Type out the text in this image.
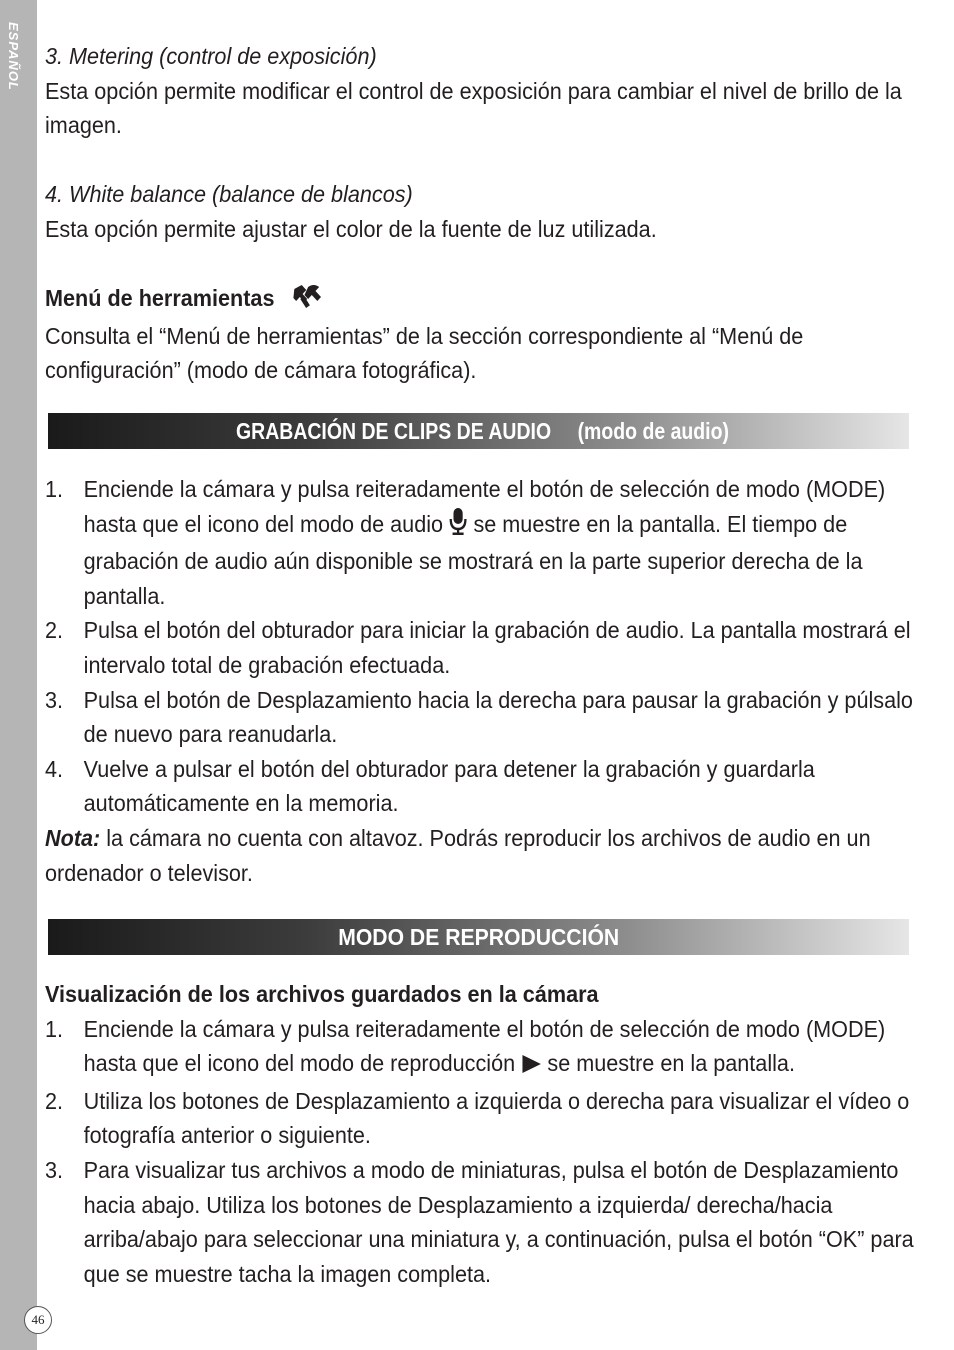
ESPAÑOL
46

3. Metering (control de exposición)

Esta opción permite modificar el control de exposición para cambiar el nivel de brillo de la imagen.

4. White balance (balance de blancos)

Esta opción permite ajustar el color de la fuente de luz utilizada.

Menú de herramientas

Consulta el “Menú de herramientas” de la sección correspondiente al “Menú de configuración” (modo de cámara fotográfica).

GRABACIÓN DE CLIPS DE AUDIO (modo de audio)
1. Enciende la cámara y pulsa reiteradamente el botón de selección de modo (MODE) hasta que el icono del modo de audio se muestre en la pantalla. El tiempo de grabación de audio aún disponible se mostrará en la parte superior derecha de la pantalla.
2. Pulsa el botón del obturador para iniciar la grabación de audio. La pantalla mostrará el intervalo total de grabación efectuada.
3. Pulsa el botón de Desplazamiento hacia la derecha para pausar la grabación y púlsalo de nuevo para reanudarla.
4. Vuelve a pulsar el botón del obturador para detener la grabación y guardarla automáticamente en la memoria.

Nota: la cámara no cuenta con altavoz. Podrás reproducir los archivos de audio en un ordenador o televisor.

MODO DE REPRODUCCIÓN

Visualización de los archivos guardados en la cámara

1. Enciende la cámara y pulsa reiteradamente el botón de selección de modo (MODE) hasta que el icono del modo de reproducción se muestre en la pantalla.
2. Utiliza los botones de Desplazamiento a izquierda o derecha para visualizar el vídeo o fotografía anterior o siguiente.
3. Para visualizar tus archivos a modo de miniaturas, pulsa el botón de Desplazamiento hacia abajo. Utiliza los botones de Desplazamiento a izquierda/ derecha/hacia arriba/abajo para seleccionar una miniatura y, a continuación, pulsa el botón “OK” para que se muestre tacha la imagen completa.
